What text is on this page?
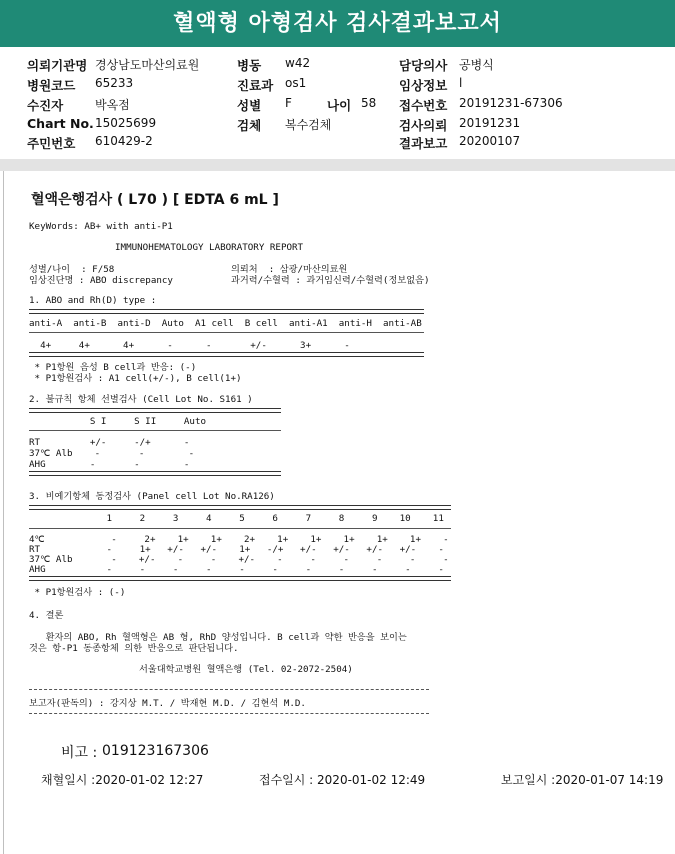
혈액형 아형검사 검사결과보고서
의뢰기관명 경상남도마산의료원
병원코드 65233
수진자	박옥점
Chart No. 15025699
주민번호 610429-2
병동 w42
진료과 os1
성별 F	나이 58
검체 복수검체
담당의사 공병식
임상정보 l
접수번호 20191231-67306
검사의뢰 20191231
결과보고 20200107
혈액은행검사 ( L70 ) [ EDTA 6 mL ]
KeyWords: AB+ with anti-P1
IMMUNOHEMATOLOGY LABORATORY REPORT
성별/나이  : F/58
임상진단명 : ABO discrepancy
의뢰처  : 삼광/마산의료원
과거력/수혈력 : 과거임신력/수혈력(정보없음)
1. ABO and Rh(D) type :
anti-A  anti-B  anti-D  Auto  A1 cell  B cell  anti-A1  anti-H  anti-AB
4+     4+      4+      -      -       +/-      3+      -
* P1항원 음성 B cell과 반응: (-)
* P1항원검사 : A1 cell(+/-), B cell(1+)
2. 불규칙 항체 선별검사 (Cell Lot No. S161 )
S I     S II     Auto
RT         +/-     -/+      -
37℃ Alb    -       -        -
AHG        -       -        -
3. 비예기항체 동정검사 (Panel cell Lot No.RA126)
1     2     3     4     5     6     7     8     9    10    11
4℃            -     2+    1+    1+    2+    1+    1+    1+    1+    1+    -
RT            -     1+   +/-   +/-    1+   -/+   +/-   +/-   +/-   +/-    -
37℃ Alb       -    +/-    -     -    +/-    -     -     -     -     -     -
AHG           -     -     -     -     -     -     -     -     -     -     -
* P1항원검사 : (-)
4. 결론
환자의 ABO, Rh 혈액형은 AB 형, RhD 양성입니다. B cell과 약한 반응을 보이는
것은 항-P1 동종항체 의한 반응으로 판단됩니다.
서울대학교병원 혈액은행 (Tel. 02-2072-2504)
보고자(판독의) : 강지상 M.T. / 박재현 M.D. / 김현석 M.D.
비고 : 019123167306
채혈일시 :2020-01-02 12:27	접수일시 : 2020-01-02 12:49	보고일시 :2020-01-07 14:19
